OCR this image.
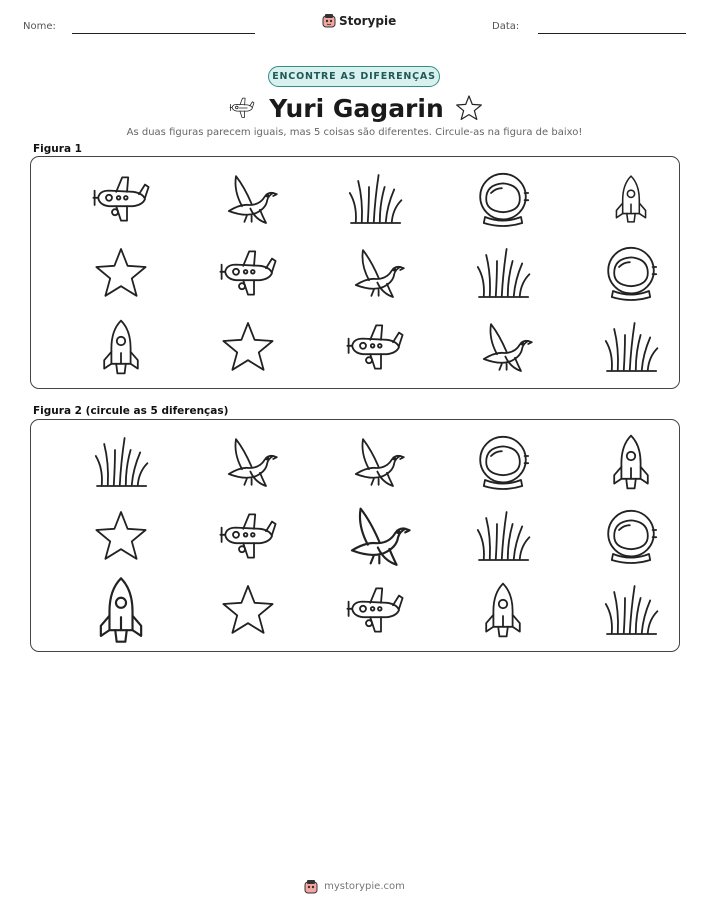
Nome:	Storypie	Data:
ENCONTRE AS DIFERENÇAS
Yuri Gagarin
As duas figuras parecem iguais, mas 5 coisas são diferentes. Circule-as na figura de baixo!
Figura 1
Figura 2 (circule as 5 diferenças)
mystorypie.com
